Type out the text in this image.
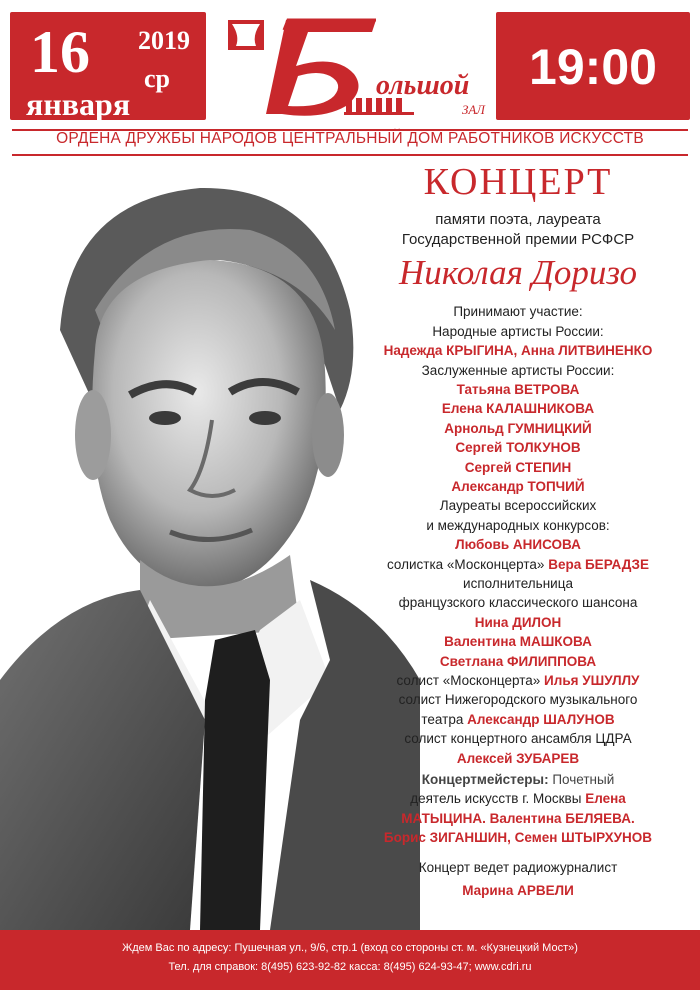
16 2019
ср
января
ольшой
ЗАЛ
19:00
ОРДЕНА ДРУЖБЫ НАРОДОВ ЦЕНТРАЛЬНЫЙ ДОМ РАБОТНИКОВ ИСКУССТВ
КОНЦЕРТ
памяти поэта, лауреата
Государственной премии РСФСР
Николая Доризо
Принимают участие:
Народные артисты России:
Надежда КРЫГИНА, Анна ЛИТВИНЕНКО
Заслуженные артисты России:
Татьяна ВЕТРОВА
Елена КАЛАШНИКОВА
Арнольд ГУМНИЦКИЙ
Сергей ТОЛКУНОВ
Сергей СТЕПИН
Александр ТОПЧИЙ
Лауреаты всероссийских
и международных конкурсов:
Любовь АНИСОВА
солистка «Москонцерта» Вера БЕРАДЗЕ
исполнительница
французского классического шансона
Нина ДИЛОН
Валентина МАШКОВА
Светлана ФИЛИППОВА
солист «Москонцерта» Илья УШУЛЛУ
солист Нижегородского музыкального
театра Александр ШАЛУНОВ
солист концертного ансамбля ЦДРА
Алексей ЗУБАРЕВ
Концертмейстеры: Почетный
деятель искусств г. Москвы Елена
МАТЫЦИНА. Валентина БЕЛЯЕВА.
Борис ЗИГАНШИН, Семен ШТЫРХУНОВ
Концерт ведет радиожурналист
Марина АРВЕЛИ
Ждем Вас по адресу: Пушечная ул., 9/6, стр.1 (вход со стороны ст. м. «Кузнецкий Мост»)
Тел. для справок: 8(495) 623-92-82 касса: 8(495) 624-93-47; www.cdri.ru
